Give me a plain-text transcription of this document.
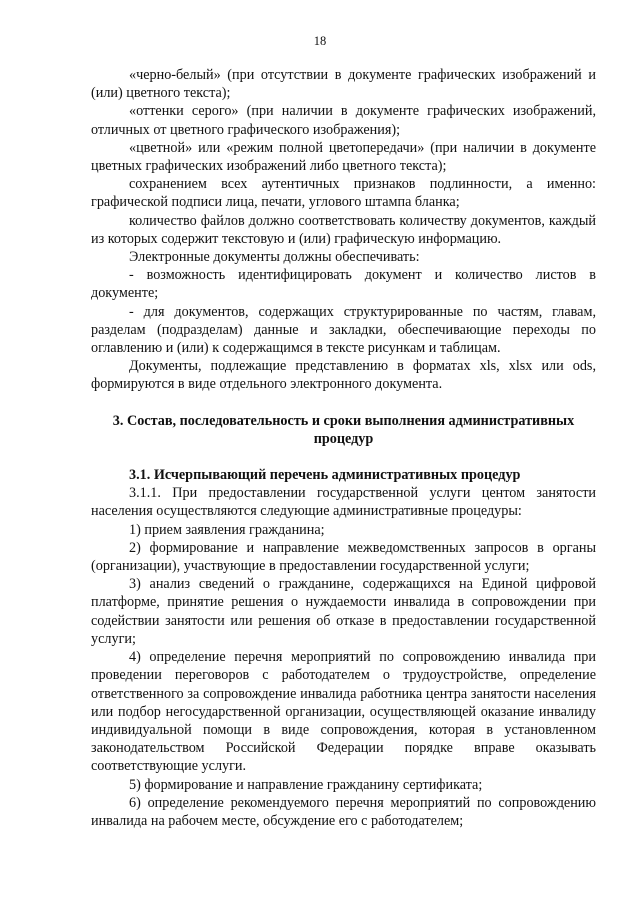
18

«черно-белый» (при отсутствии в документе графических изображений и (или) цветного текста);

«оттенки серого» (при наличии в документе графических изображений, отличных от цветного графического изображения);

«цветной» или «режим полной цветопередачи» (при наличии в документе цветных графических изображений либо цветного текста);

сохранением всех аутентичных признаков подлинности, а именно: графической подписи лица, печати, углового штампа бланка;

количество файлов должно соответствовать количеству документов, каждый из которых содержит текстовую и (или) графическую информацию.

Электронные документы должны обеспечивать:

- возможность идентифицировать документ и количество листов в документе;

- для документов, содержащих структурированные по частям, главам, разделам (подразделам) данные и закладки, обеспечивающие переходы по оглавлению и (или) к содержащимся в тексте рисункам и таблицам.

Документы, подлежащие представлению в форматах xls, xlsx или ods, формируются в виде отдельного электронного документа.

3. Состав, последовательность и сроки выполнения административных процедур

3.1. Исчерпывающий перечень административных процедур

3.1.1. При предоставлении государственной услуги центом занятости населения осуществляются следующие административные процедуры:

1) прием заявления гражданина;

2) формирование и направление межведомственных запросов в органы (организации), участвующие в предоставлении государственной услуги;

3) анализ сведений о гражданине, содержащихся на Единой цифровой платформе, принятие решения о нуждаемости инвалида в сопровождении при содействии занятости или решения об отказе в предоставлении государственной услуги;

4) определение перечня мероприятий по сопровождению инвалида при проведении переговоров с работодателем о трудоустройстве, определение ответственного за сопровождение инвалида работника центра занятости населения или подбор негосударственной организации, осуществляющей оказание инвалиду индивидуальной помощи в виде сопровождения, которая в установленном законодательством Российской Федерации порядке вправе оказывать соответствующие услуги.

5) формирование и направление гражданину сертификата;

6) определение рекомендуемого перечня мероприятий по сопровождению инвалида на рабочем месте, обсуждение его с работодателем;
